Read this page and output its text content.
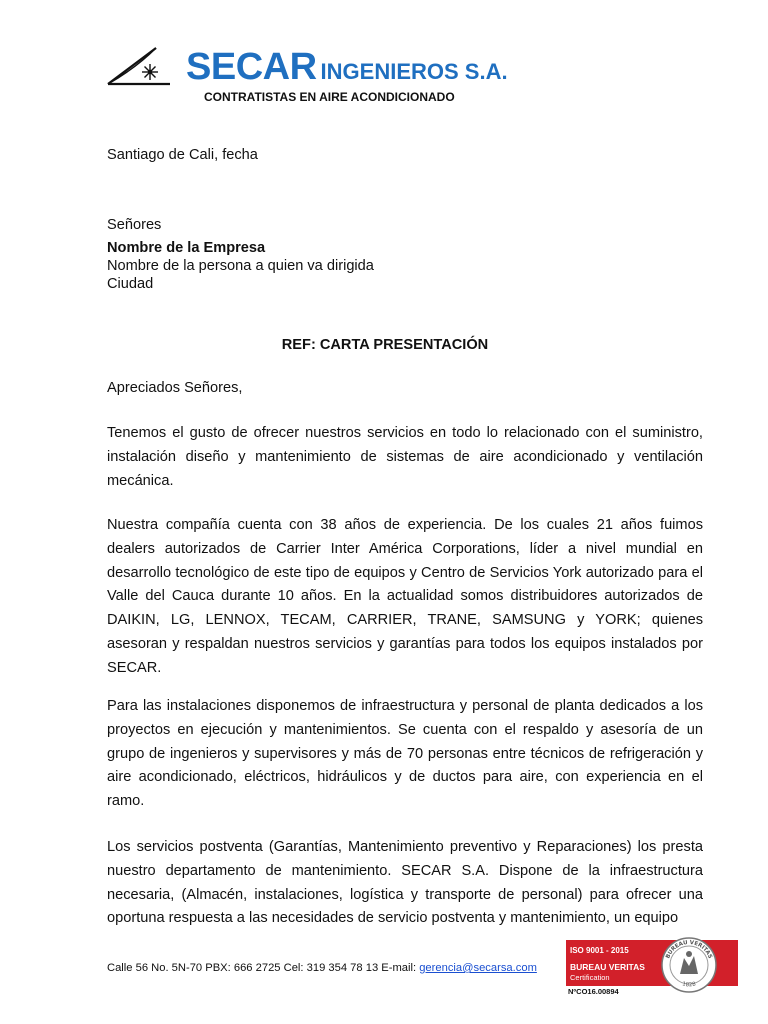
SECAR INGENIEROS S.A.
CONTRATISTAS EN AIRE ACONDICIONADO
Santiago de Cali, fecha
Señores
Nombre de la Empresa
Nombre de la persona a quien va dirigida
Ciudad
REF: CARTA PRESENTACIÓN
Apreciados Señores,
Tenemos el gusto de ofrecer nuestros servicios en todo lo relacionado con el suministro, instalación diseño y mantenimiento de sistemas de aire acondicionado y ventilación mecánica.
Nuestra compañía cuenta con 38 años de experiencia. De los cuales 21 años fuimos dealers autorizados de Carrier Inter América Corporations, líder a nivel mundial en desarrollo tecnológico de este tipo de equipos y Centro de Servicios York autorizado para el Valle del Cauca durante 10 años. En la actualidad somos distribuidores autorizados de DAIKIN, LG, LENNOX, TECAM, CARRIER, TRANE, SAMSUNG y YORK; quienes asesoran y respaldan nuestros servicios y garantías para todos los equipos instalados por SECAR.
Para las instalaciones disponemos de infraestructura y personal de planta dedicados a los proyectos en ejecución y mantenimientos. Se cuenta con el respaldo y asesoría de un grupo de ingenieros y supervisores y más de 70 personas entre técnicos de refrigeración y aire acondicionado, eléctricos, hidráulicos y de ductos para aire, con experiencia en el ramo.
Los servicios postventa (Garantías, Mantenimiento preventivo y Reparaciones) los presta nuestro departamento de mantenimiento. SECAR S.A. Dispone de la infraestructura necesaria, (Almacén, instalaciones, logística y transporte de personal) para ofrecer una oportuna respuesta a las necesidades de servicio postventa y mantenimiento, un equipo
Calle 56 No. 5N-70 PBX: 666 2725 Cel: 319 354 78 13 E-mail: gerencia@secarsa.com
ISO 9001 - 2015
BUREAU VERITAS
Certification
BUREAU VERITAS
1828
NºCO16.00894
